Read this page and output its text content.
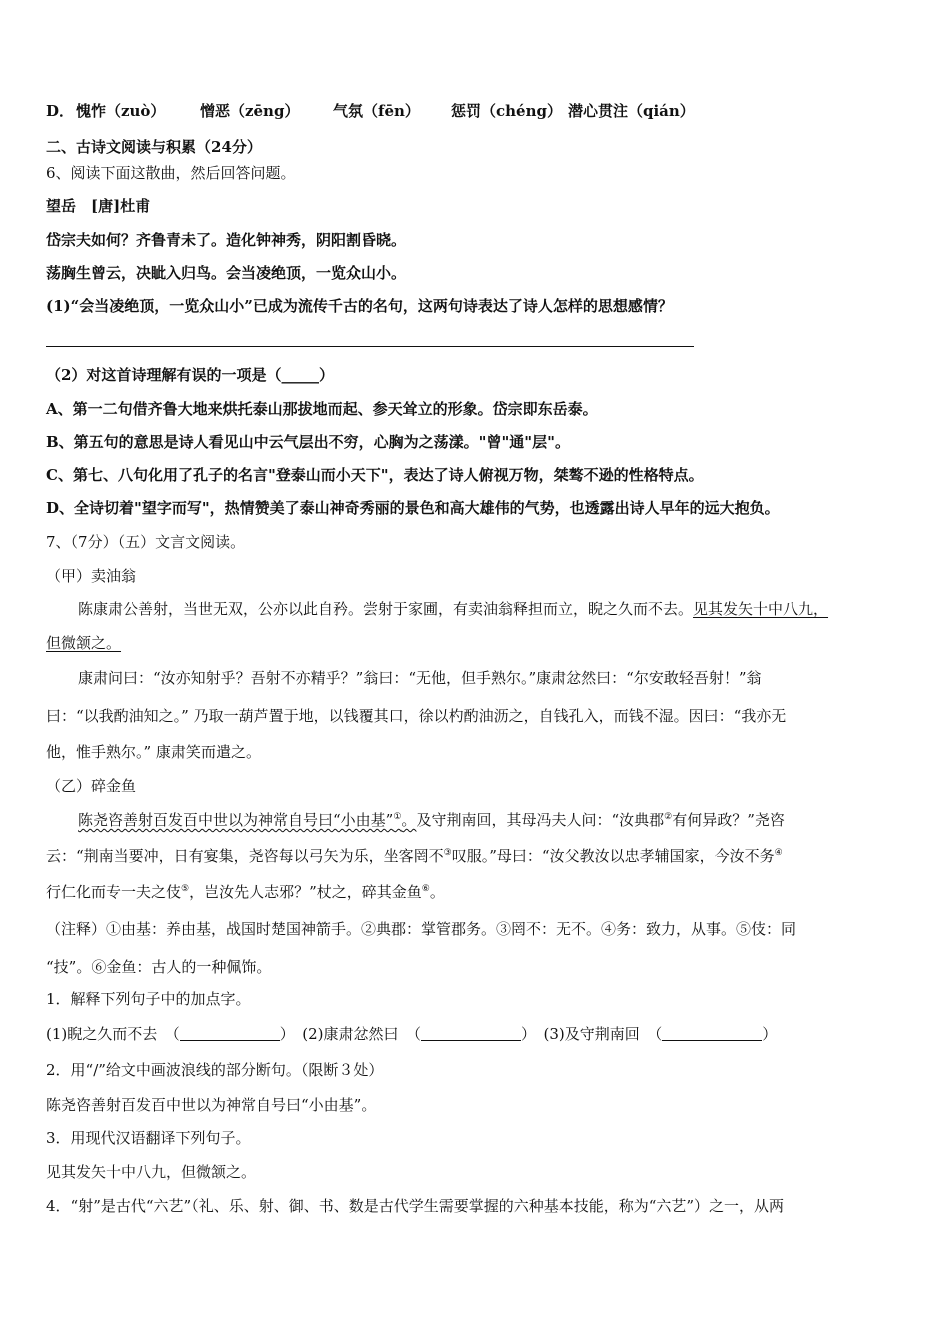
D． 愧怍（zuò）	憎恶（zēng）	气氛（fēn）	惩罚（chéng） 潜心贯注（qián）
二、古诗文阅读与积累（24分）
6、阅读下面这散曲，然后回答问题。
望岳　[唐]杜甫
岱宗夫如何？齐鲁青未了。造化钟神秀，阴阳割昏晓。
荡胸生曾云，决眦入归鸟。会当凌绝顶，一览众山小。
(1)“会当凌绝顶，一览众山小”已成为流传千古的名句，这两句诗表达了诗人怎样的思想感情？
（2）对这首诗理解有误的一项是（_____）
A、第一二句借齐鲁大地来烘托泰山那拔地而起、参天耸立的形象。岱宗即东岳泰。
B、第五句的意思是诗人看见山中云气层出不穷，心胸为之荡漾。"曾"通"层"。
C、第七、八句化用了孔子的名言"登泰山而小天下"，表达了诗人俯视万物，桀骜不逊的性格特点。
D、全诗切着"望字而写"，热情赞美了泰山神奇秀丽的景色和高大雄伟的气势，也透露出诗人早年的远大抱负。
7、（7分）（五）文言文阅读。
（甲）卖油翁
陈康肃公善射，当世无双，公亦以此自矜。尝射于家圃，有卖油翁释担而立，睨之久而不去。见其发矢十中八九，
但微颔之。
康肃问曰：“汝亦知射乎？吾射不亦精乎？”翁曰：“无他，但手熟尔。”康肃忿然曰：“尔安敢轻吾射！”翁
曰：“以我酌油知之。” 乃取一葫芦置于地，以钱覆其口，徐以杓酌油沥之，自钱孔入，而钱不湿。因曰：“我亦无
他，惟手熟尔。” 康肃笑而遣之。
（乙）碎金鱼
陈尧咨善射百发百中世以为神常自号曰“小由基”①。及守荆南回，其母冯夫人问：“汝典郡②有何异政？”尧咨
云：“荆南当要冲，日有宴集，尧咨每以弓矢为乐，坐客罔不③叹服。”母曰：“汝父教汝以忠孝辅国家，今汝不务④
行仁化而专一夫之伎⑤，岂汝先人志邪？”杖之，碎其金鱼⑥。
（注释）①由基：养由基，战国时楚国神箭手。②典郡：掌管郡务。③罔不：无不。④务：致力，从事。⑤伎：同
“技”。⑥金鱼：古人的一种佩饰。
1．解释下列句子中的加点字。
(1)睨之久而不去　（	）　(2)康肃忿然曰　（	）　(3)及守荆南回　（	）
2．用“/”给文中画波浪线的部分断句。（限断３处）
陈尧咨善射百发百中世以为神常自号曰“小由基”。
3．用现代汉语翻译下列句子。
见其发矢十中八九，但微颔之。
4．“射”是古代“六艺”（礼、乐、射、御、书、数是古代学生需要掌握的六种基本技能，称为“六艺”）之一，从两
